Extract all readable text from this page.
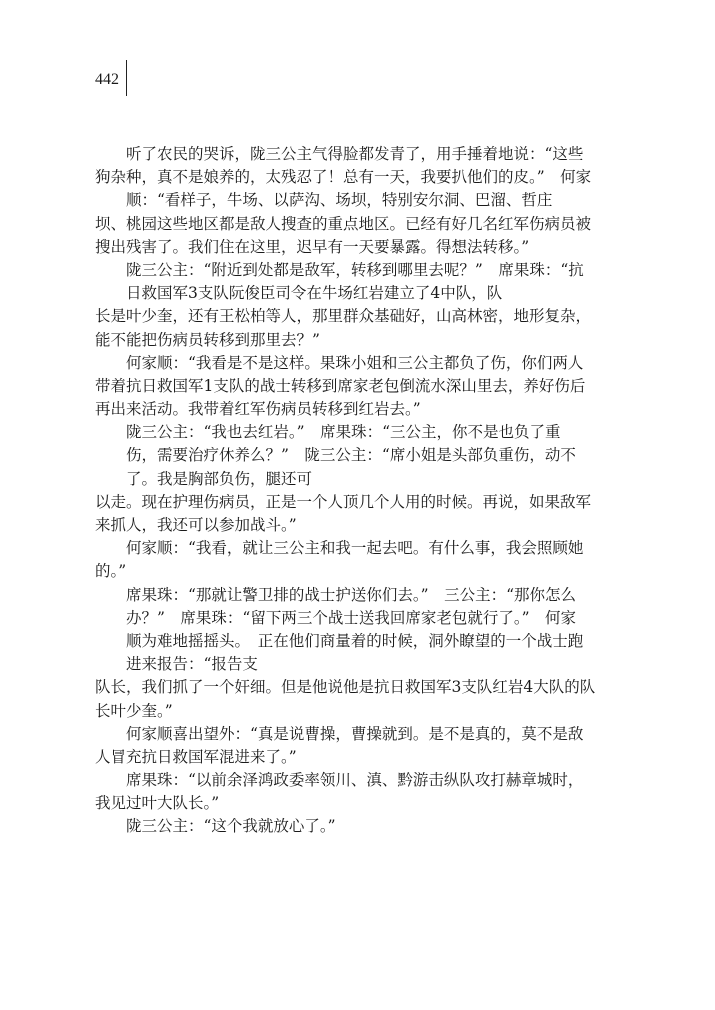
442
听了农民的哭诉，陇三公主气得脸都发青了，用手捶着地说：“这些
狗杂种，真不是娘养的，太残忍了！总有一天，我要扒他们的皮。”　何家
顺：“看样子，牛场、以萨沟、场坝，特别安尔洞、巴溜、哲庄
坝、桃园这些地区都是敌人搜查的重点地区。已经有好几名红军伤病员被
搜出残害了。我们住在这里，迟早有一天要暴露。得想法转移。”
陇三公主：“附近到处都是敌军，转移到哪里去呢？”　席果珠：“抗
日救国军3支队阮俊臣司令在牛场红岩建立了4中队，队
长是叶少奎，还有王松柏等人，那里群众基础好，山高林密，地形复杂，
能不能把伤病员转移到那里去？”
何家顺：“我看是不是这样。果珠小姐和三公主都负了伤，你们两人
带着抗日救国军1支队的战士转移到席家老包倒流水深山里去，养好伤后
再出来活动。我带着红军伤病员转移到红岩去。”
陇三公主：“我也去红岩。”　席果珠：“三公主，你不是也负了重
伤，需要治疗休养么？”　陇三公主：“席小姐是头部负重伤，动不
了。我是胸部负伤，腿还可
以走。现在护理伤病员，正是一个人顶几个人用的时候。再说，如果敌军
来抓人，我还可以参加战斗。”
何家顺：“我看，就让三公主和我一起去吧。有什么事，我会照顾她
的。”
席果珠：“那就让警卫排的战士护送你们去。”　三公主：“那你怎么
办？”　席果珠：“留下两三个战士送我回席家老包就行了。”　何家
顺为难地摇摇头。　正在他们商量着的时候，洞外瞭望的一个战士跑
进来报告：“报告支
队长，我们抓了一个奸细。但是他说他是抗日救国军3支队红岩4大队的队
长叶少奎。”
何家顺喜出望外：“真是说曹操，曹操就到。是不是真的，莫不是敌
人冒充抗日救国军混进来了。”
席果珠：“以前余泽鸿政委率领川、滇、黔游击纵队攻打赫章城时，
我见过叶大队长。”
陇三公主：“这个我就放心了。”
